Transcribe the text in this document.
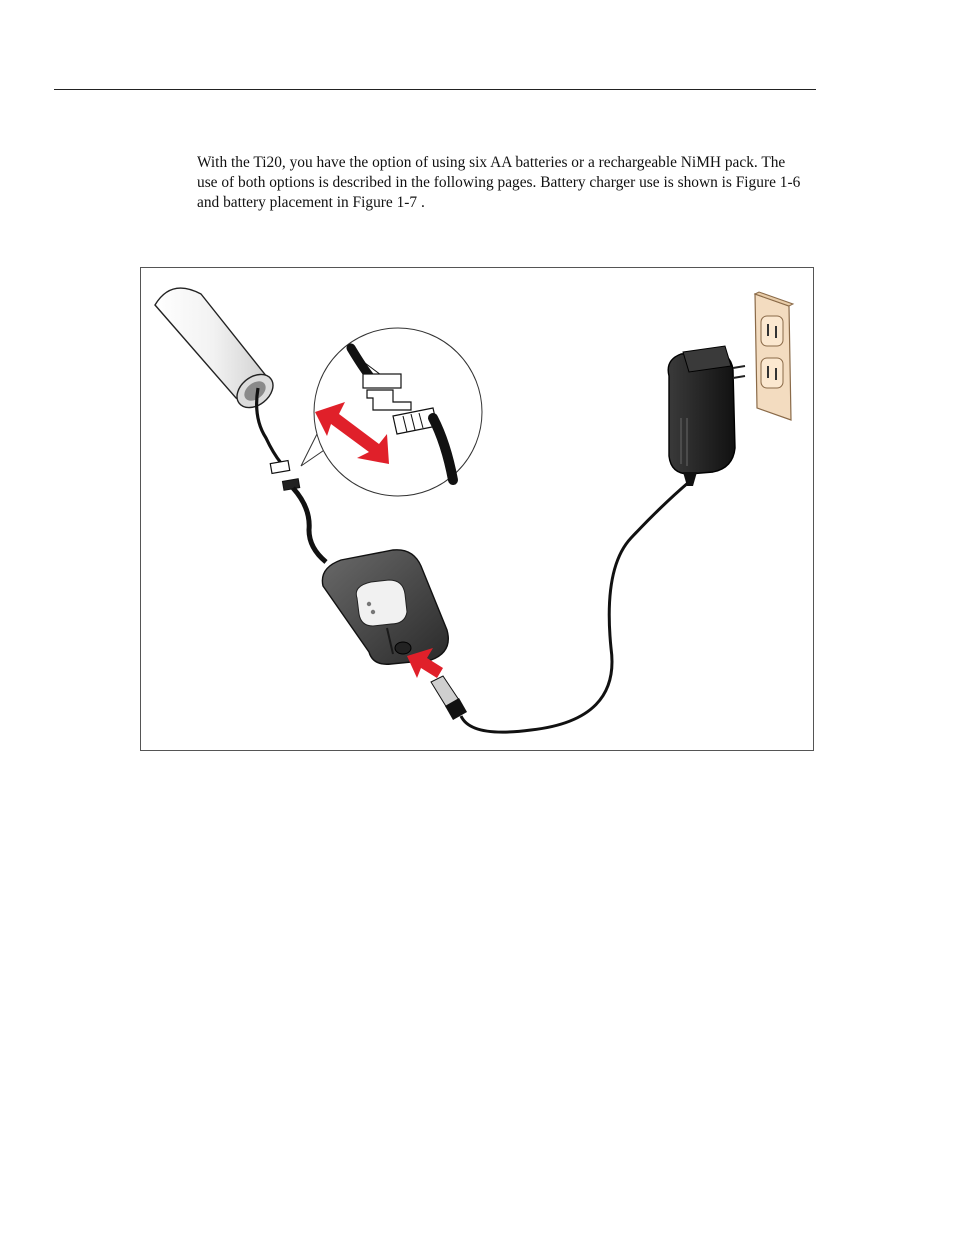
With the Ti20, you have the option of using six AA batteries or a rechargeable NiMH pack. The use of both options is described in the following pages. Battery charger use is shown is Figure 1-6 and battery placement in Figure 1-7 .
